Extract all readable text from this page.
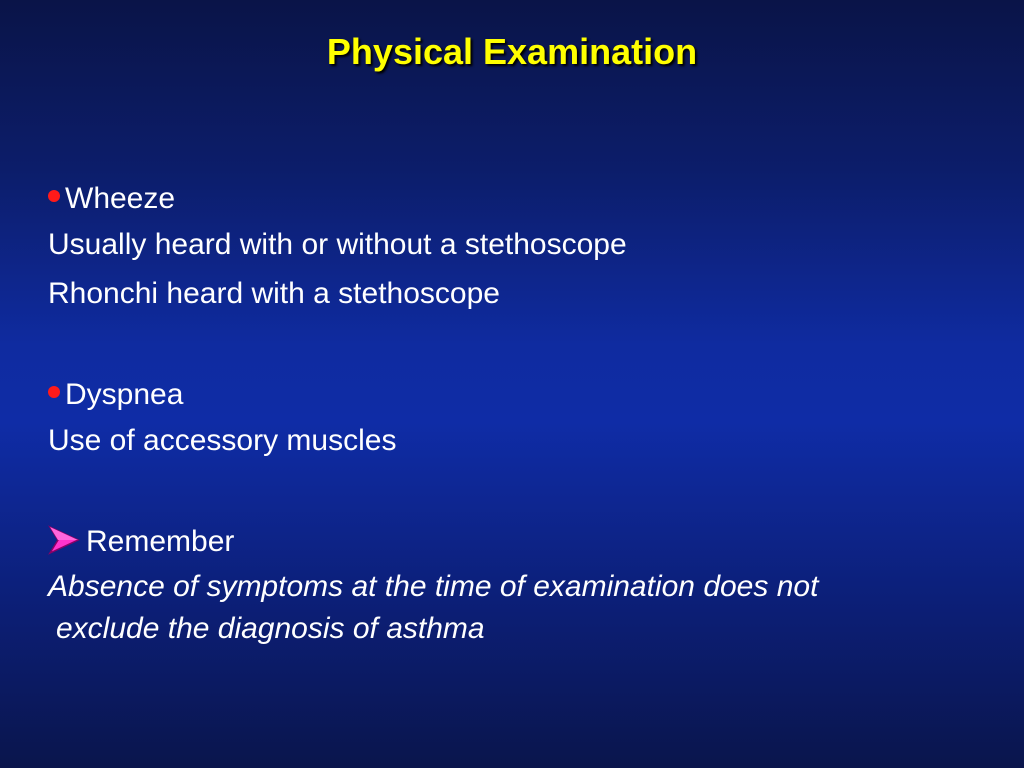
Physical Examination
Wheeze
Usually heard with or without a stethoscope
Rhonchi heard with a stethoscope
Dyspnea
Use of accessory muscles
Remember
Absence of symptoms at the time of examination does not
exclude the diagnosis of asthma
